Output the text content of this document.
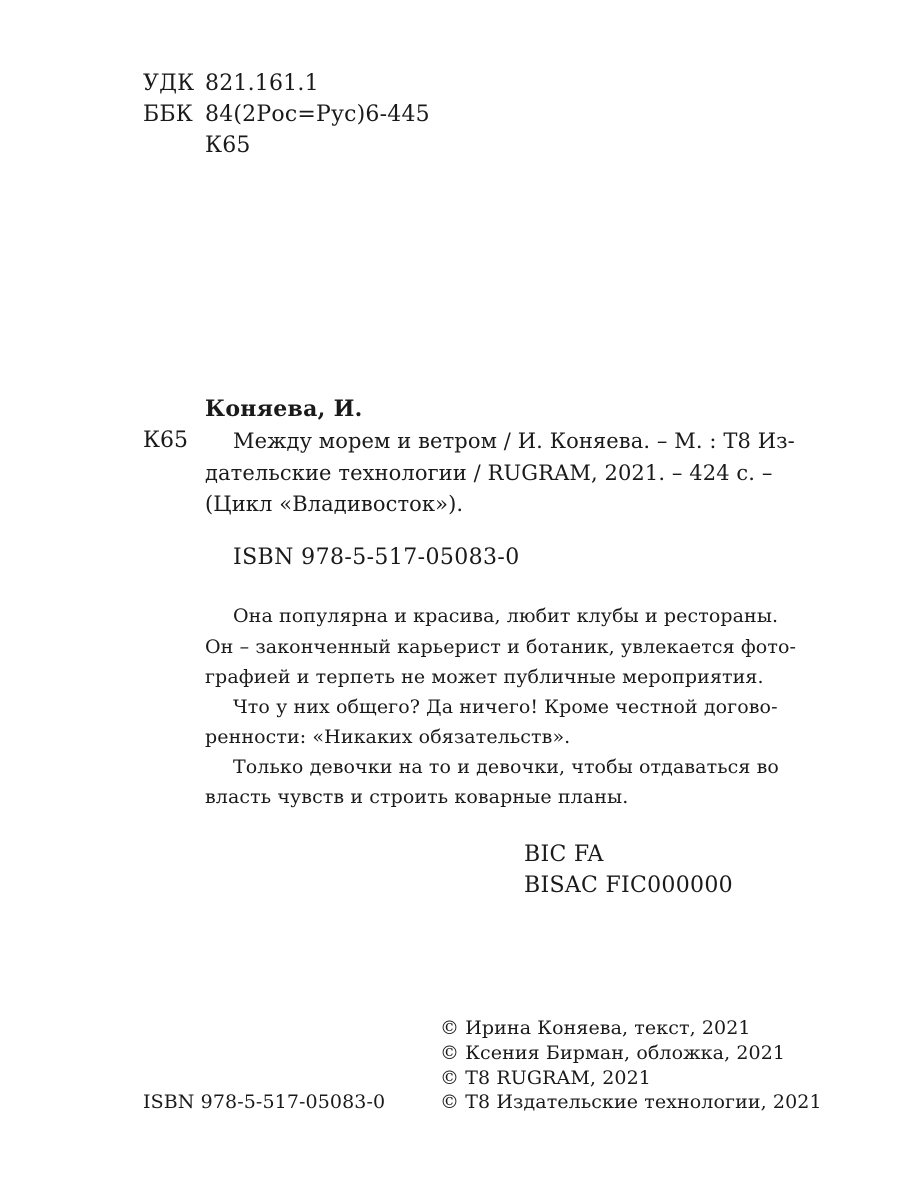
УДК 821.161.1
ББК 84(2Рос=Рус)6-445
К65
Коняева, И.
К65 Между морем и ветром / И. Коняева. – М. : Т8 Из-
дательские технологии / RUGRAM, 2021. – 424 с. –
(Цикл «Владивосток»).
ISBN 978-5-517-05083-0
Она популярна и красива, любит клубы и рестораны.
Он – законченный карьерист и ботаник, увлекается фото-
графией и терпеть не может публичные мероприятия.
Что у них общего? Да ничего! Кроме честной догово-
ренности: «Никаких обязательств».
Только девочки на то и девочки, чтобы отдаваться во
власть чувств и строить коварные планы.
BIC FA
BISAC FIC000000
© Ирина Коняева, текст, 2021
© Ксения Бирман, обложка, 2021
© Т8 RUGRAM, 2021
© Т8 Издательские технологии, 2021
ISBN 978-5-517-05083-0
